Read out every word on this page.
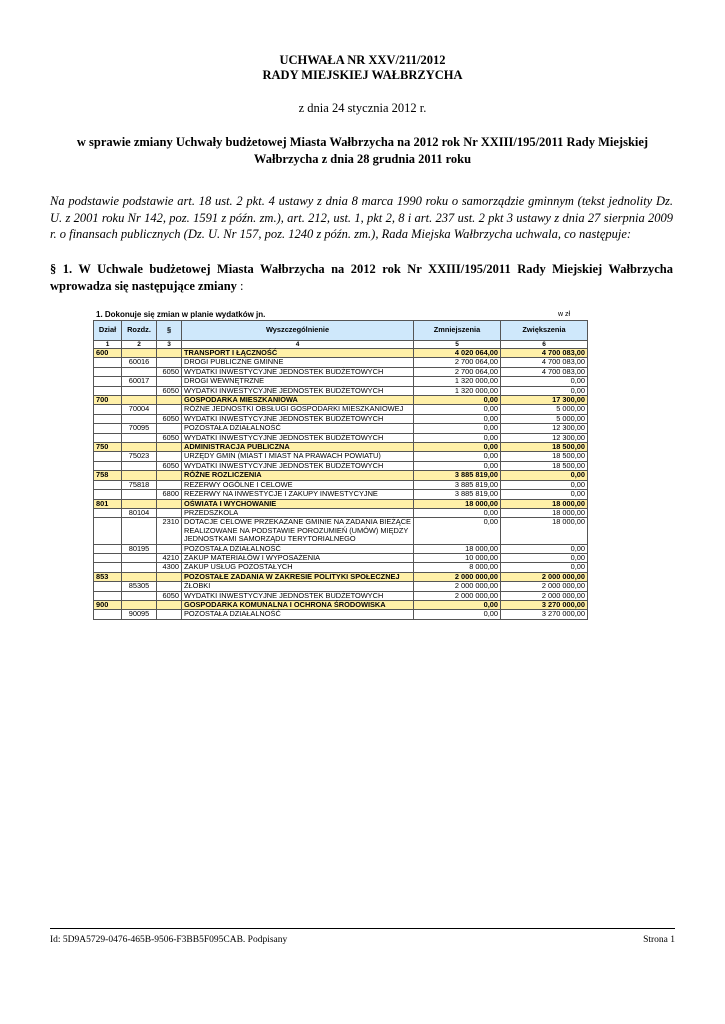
UCHWAŁA NR XXV/211/2012
RADY MIEJSKIEJ WAŁBRZYCHA
z dnia 24 stycznia 2012 r.
w sprawie zmiany Uchwały budżetowej Miasta Wałbrzycha na 2012 rok Nr XXIII/195/2011 Rady Miejskiej Wałbrzycha z dnia 28 grudnia 2011 roku
Na podstawie podstawie art. 18 ust. 2 pkt. 4 ustawy z dnia 8 marca 1990 roku o samorządzie gminnym (tekst jednolity Dz. U. z 2001 roku Nr 142, poz. 1591 z późn. zm.), art. 212, ust. 1, pkt 2, 8 i art. 237 ust. 2 pkt 3 ustawy z dnia 27 sierpnia 2009 r. o finansach publicznych (Dz. U. Nr 157, poz. 1240 z późn. zm.), Rada Miejska Wałbrzycha uchwala, co następuje:
§ 1. W Uchwale budżetowej Miasta Wałbrzycha na 2012 rok Nr XXIII/195/2011 Rady Miejskiej Wałbrzycha wprowadza się następujące zmiany :
1. Dokonuje się zmian w planie wydatków jn.	w zł
Dział	Rozdz.	§	Wyszczególnienie	Zmniejszenia	Zwiększenia
1	2	3	4	5	6
600			TRANSPORT I ŁĄCZNOŚĆ	4 020 064,00	4 700 083,00
	60016		DROGI PUBLICZNE GMINNE	2 700 064,00	4 700 083,00
		6050	WYDATKI INWESTYCYJNE JEDNOSTEK BUDŻETOWYCH	2 700 064,00	4 700 083,00
	60017		DROGI WEWNĘTRZNE	1 320 000,00	0,00
		6050	WYDATKI INWESTYCYJNE JEDNOSTEK BUDŻETOWYCH	1 320 000,00	0,00
700			GOSPODARKA MIESZKANIOWA	0,00	17 300,00
	70004		RÓŻNE JEDNOSTKI OBSŁUGI GOSPODARKI MIESZKANIOWEJ	0,00	5 000,00
		6050	WYDATKI INWESTYCYJNE JEDNOSTEK BUDŻETOWYCH	0,00	5 000,00
	70095		POZOSTAŁA DZIAŁALNOŚĆ	0,00	12 300,00
		6050	WYDATKI INWESTYCYJNE JEDNOSTEK BUDŻETOWYCH	0,00	12 300,00
750			ADMINISTRACJA PUBLICZNA	0,00	18 500,00
	75023		URZĘDY GMIN (MIAST I MIAST NA PRAWACH POWIATU)	0,00	18 500,00
		6050	WYDATKI INWESTYCYJNE JEDNOSTEK BUDŻETOWYCH	0,00	18 500,00
758			RÓŻNE ROZLICZENIA	3 885 819,00	0,00
	75818		REZERWY OGÓLNE I CELOWE	3 885 819,00	0,00
		6800	REZERWY NA INWESTYCJE I ZAKUPY INWESTYCYJNE	3 885 819,00	0,00
801			OŚWIATA I WYCHOWANIE	18 000,00	18 000,00
	80104		PRZEDSZKOLA	0,00	18 000,00
		2310	DOTACJE CELOWE PRZEKAZANE GMINIE NA ZADANIA BIEŻĄCE REALIZOWANE NA PODSTAWIE POROZUMIEŃ (UMÓW) MIĘDZY JEDNOSTKAMI SAMORZĄDU TERYTORIALNEGO	0,00	18 000,00
	80195		POZOSTAŁA DZIAŁALNOŚĆ	18 000,00	0,00
		4210	ZAKUP MATERIAŁÓW I WYPOSAŻENIA	10 000,00	0,00
		4300	ZAKUP USŁUG POZOSTAŁYCH	8 000,00	0,00
853			POZOSTAŁE ZADANIA W ZAKRESIE POLITYKI SPOŁECZNEJ	2 000 000,00	2 000 000,00
	85305		ŻŁOBKI	2 000 000,00	2 000 000,00
		6050	WYDATKI INWESTYCYJNE JEDNOSTEK BUDŻETOWYCH	2 000 000,00	2 000 000,00
900			GOSPODARKA KOMUNALNA I OCHRONA ŚRODOWISKA	0,00	3 270 000,00
	90095		POZOSTAŁA DZIAŁALNOŚĆ	0,00	3 270 000,00
Id: 5D9A5729-0476-465B-9506-F3BB5F095CAB. Podpisany	Strona 1
